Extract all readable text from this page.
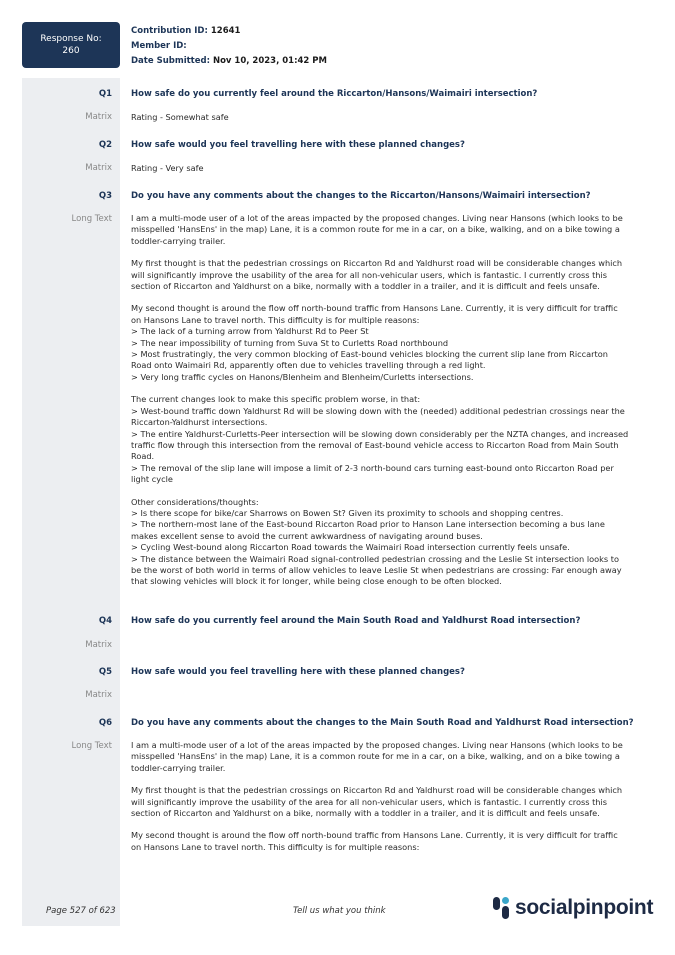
Response No:
260
Contribution ID: 12641
Member ID:
Date Submitted: Nov 10, 2023, 01:42 PM
Q1 How safe do you currently feel around the Riccarton/Hansons/Waimairi intersection?
Matrix Rating - Somewhat safe
Q2 How safe would you feel travelling here with these planned changes?
Matrix Rating - Very safe
Q3 Do you have any comments about the changes to the Riccarton/Hansons/Waimairi intersection?
Long Text I am a multi-mode user of a lot of the areas impacted by the proposed changes. Living near Hansons (which looks to be misspelled 'HansEns' in the map) Lane, it is a common route for me in a car, on a bike, walking, and on a bike towing a toddler-carrying trailer.

My first thought is that the pedestrian crossings on Riccarton Rd and Yaldhurst road will be considerable changes which will significantly improve the usability of the area for all non-vehicular users, which is fantastic. I currently cross this section of Riccarton and Yaldhurst on a bike, normally with a toddler in a trailer, and it is difficult and feels unsafe.

My second thought is around the flow off north-bound traffic from Hansons Lane. Currently, it is very difficult for traffic on Hansons Lane to travel north. This difficulty is for multiple reasons:
> The lack of a turning arrow from Yaldhurst Rd to Peer St
> The near impossibility of turning from Suva St to Curletts Road northbound
> Most frustratingly, the very common blocking of East-bound vehicles blocking the current slip lane from Riccarton Road onto Waimairi Rd, apparently often due to vehicles travelling through a red light.
> Very long traffic cycles on Hanons/Blenheim and Blenheim/Curletts intersections.

The current changes look to make this specific problem worse, in that:
> West-bound traffic down Yaldhurst Rd will be slowing down with the (needed) additional pedestrian crossings near the Riccarton-Yaldhurst intersections.
> The entire Yaldhurst-Curletts-Peer intersection will be slowing down considerably per the NZTA changes, and increased traffic flow through this intersection from the removal of East-bound vehicle access to Riccarton Road from Main South Road.
> The removal of the slip lane will impose a limit of 2-3 north-bound cars turning east-bound onto Riccarton Road per light cycle

Other considerations/thoughts:
> Is there scope for bike/car Sharrows on Bowen St? Given its proximity to schools and shopping centres.
> The northern-most lane of the East-bound Riccarton Road prior to Hanson Lane intersection becoming a bus lane makes excellent sense to avoid the current awkwardness of navigating around buses.
> Cycling West-bound along Riccarton Road towards the Waimairi Road intersection currently feels unsafe.
> The distance between the Waimairi Road signal-controlled pedestrian crossing and the Leslie St intersection looks to be the worst of both world in terms of allow vehicles to leave Leslie St when pedestrians are crossing: Far enough away that slowing vehicles will block it for longer, while being close enough to be often blocked.

Q4 How safe do you currently feel around the Main South Road and Yaldhurst Road intersection?
Matrix
Q5 How safe would you feel travelling here with these planned changes?
Matrix
Q6 Do you have any comments about the changes to the Main South Road and Yaldhurst Road intersection?
Long Text I am a multi-mode user of a lot of the areas impacted by the proposed changes. Living near Hansons (which looks to be misspelled 'HansEns' in the map) Lane, it is a common route for me in a car, on a bike, walking, and on a bike towing a toddler-carrying trailer.

My first thought is that the pedestrian crossings on Riccarton Rd and Yaldhurst road will be considerable changes which will significantly improve the usability of the area for all non-vehicular users, which is fantastic. I currently cross this section of Riccarton and Yaldhurst on a bike, normally with a toddler in a trailer, and it is difficult and feels unsafe.

My second thought is around the flow off north-bound traffic from Hansons Lane. Currently, it is very difficult for traffic on Hansons Lane to travel north. This difficulty is for multiple reasons:

Page 527 of 623	Tell us what you think	socialpinpoint
